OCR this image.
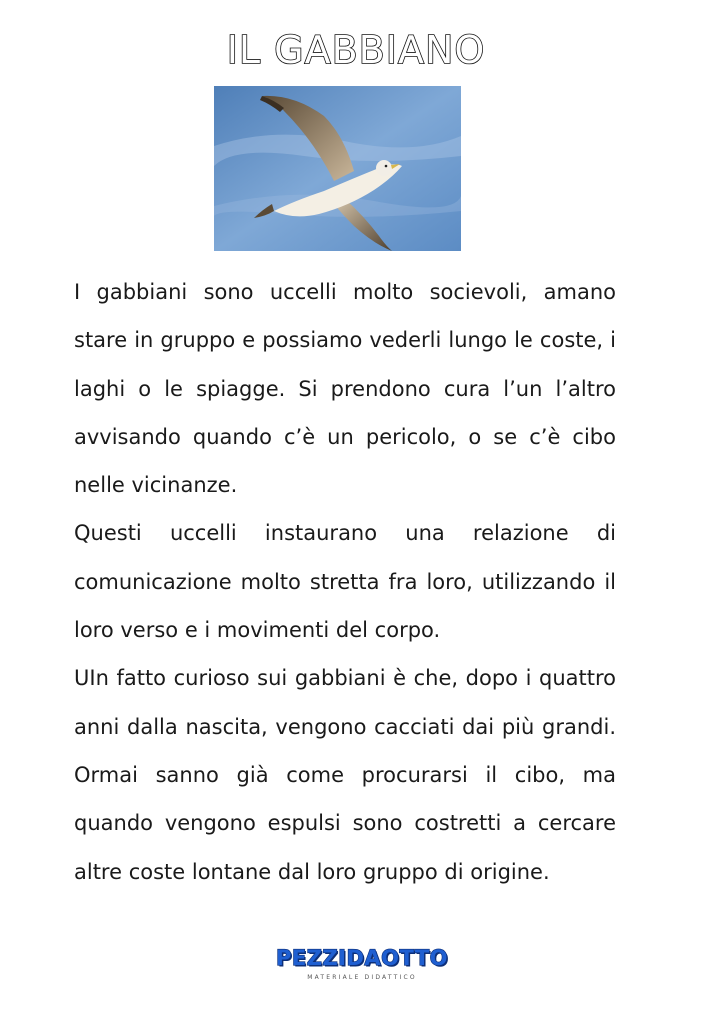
IL GABBIANO

I gabbiani sono uccelli molto socievoli, amano stare in gruppo e possiamo vederli lungo le coste, i laghi o le spiagge. Si prendono cura l’un l’altro avvisando quando c’è un pericolo, o se c’è cibo nelle vicinanze.

Questi uccelli instaurano una relazione di comunicazione molto stretta fra loro, utilizzando il loro verso e i movimenti del corpo.

UIn fatto curioso sui gabbiani è che, dopo i quattro anni dalla nascita, vengono cacciati dai più grandi. Ormai sanno già come procurarsi il cibo, ma quando vengono espulsi sono costretti a cercare altre coste lontane dal loro gruppo di origine.

PEZZIDAOTTO
MATERIALE DIDATTICO
